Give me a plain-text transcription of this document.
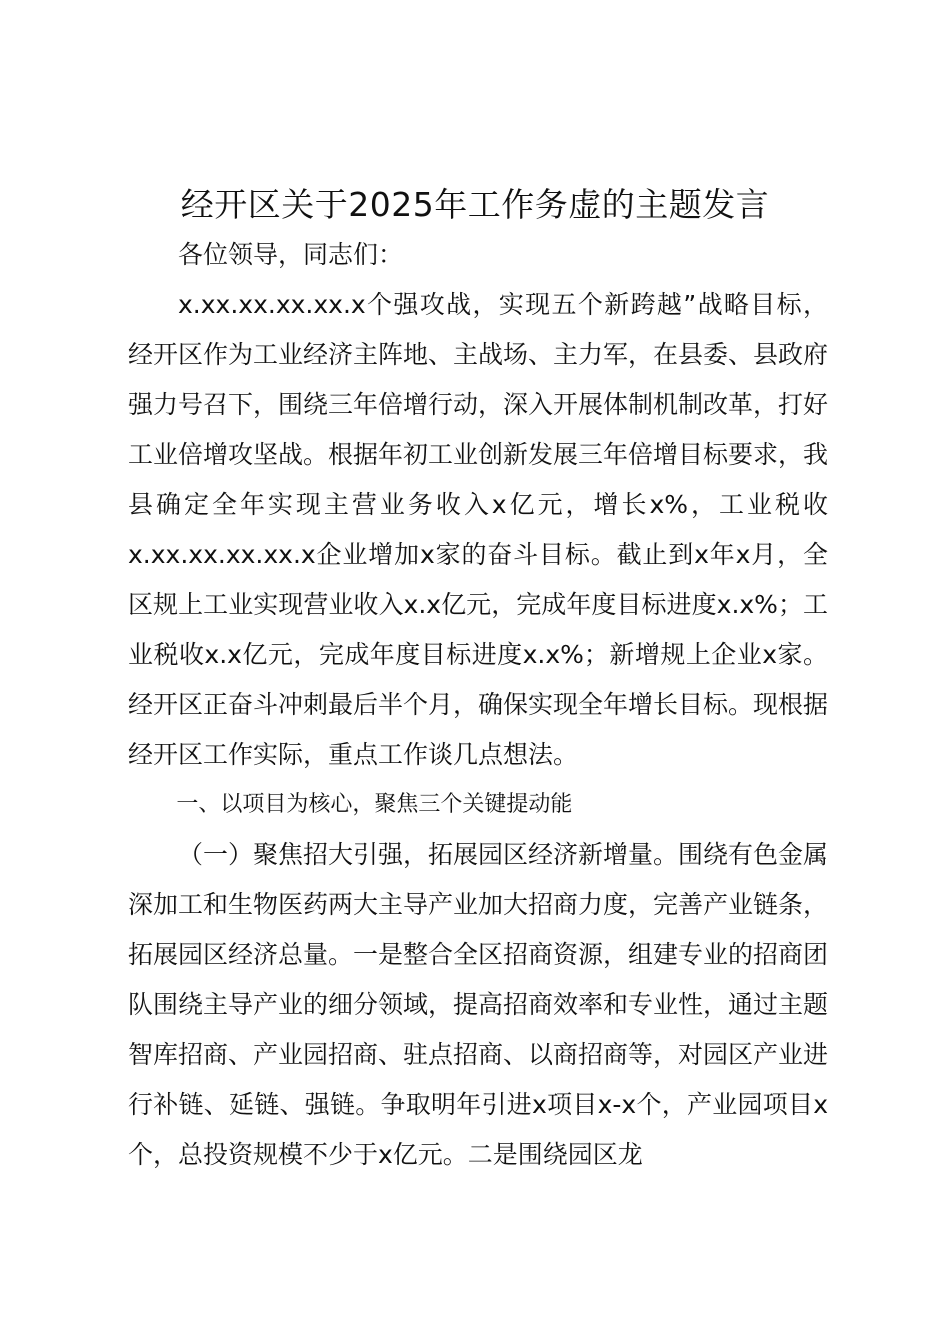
经开区关于2025年工作务虚的主题发言

各位领导，同志们：

x.xx.xx.xx.xx.x个强攻战，实现五个新跨越”战略目标，经开区作为工业经济主阵地、主战场、主力军，在县委、县政府强力号召下，围绕三年倍增行动，深入开展体制机制改革，打好工业倍增攻坚战。根据年初工业创新发展三年倍增目标要求，我县确定全年实现主营业务收入x亿元，增长x%，工业税收x.xx.xx.xx.xx.x企业增加x家的奋斗目标。截止到x年x月，全区规上工业实现营业收入x.x亿元，完成年度目标进度x.x%；工业税收x.x亿元，完成年度目标进度x.x%；新增规上企业x家。经开区正奋斗冲刺最后半个月，确保实现全年增长目标。现根据经开区工作实际，重点工作谈几点想法。

一、以项目为核心，聚焦三个关键提动能

（一）聚焦招大引强，拓展园区经济新增量。围绕有色金属深加工和生物医药两大主导产业加大招商力度，完善产业链条，拓展园区经济总量。一是整合全区招商资源，组建专业的招商团队围绕主导产业的细分领域，提高招商效率和专业性，通过主题智库招商、产业园招商、驻点招商、以商招商等，对园区产业进行补链、延链、强链。争取明年引进x项目x-x个，产业园项目x个，总投资规模不少于x亿元。二是围绕园区龙
